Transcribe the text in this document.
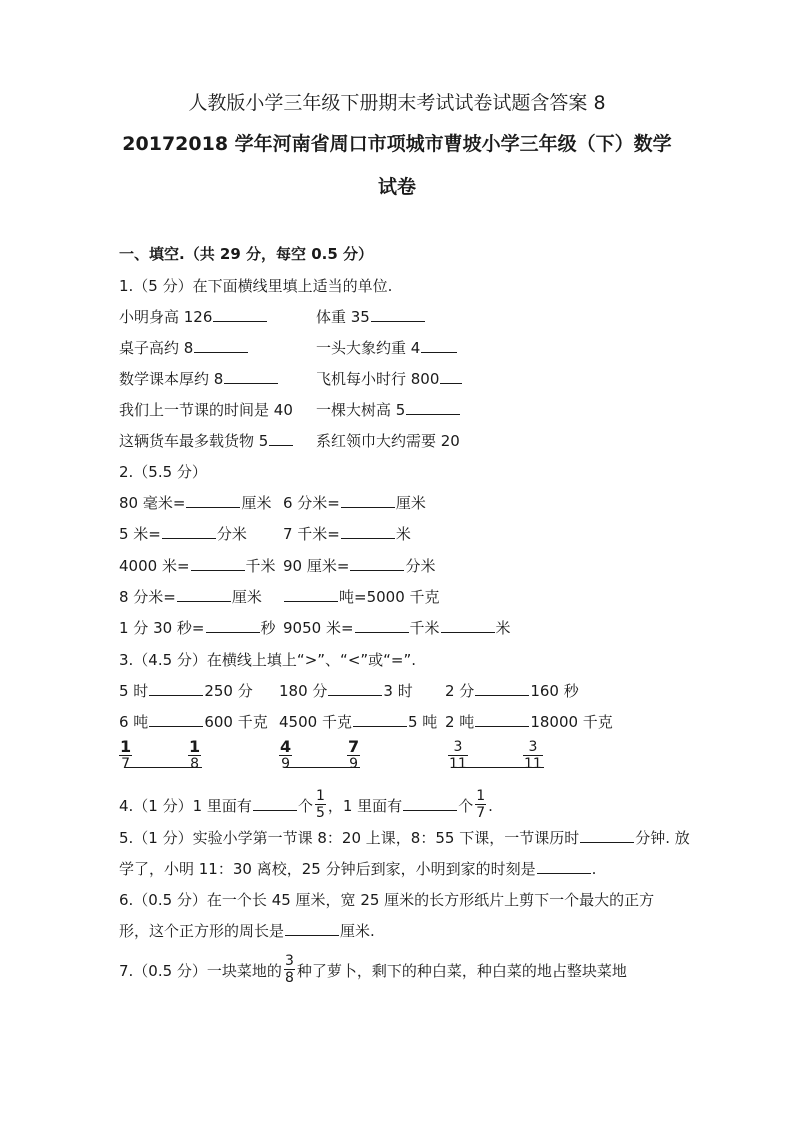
人教版小学三年级下册期末考试试卷试题含答案 8
20172018 学年河南省周口市项城市曹坡小学三年级（下）数学
试卷
一、填空.（共 29 分，每空 0.5 分）
1.（5 分）在下面横线里填上适当的单位.
小明身高 126	体重 35
桌子高约 8	一头大象约重 4
数学课本厚约 8	飞机每小时行 800
我们上一节课的时间是 40 一棵大树高 5
这辆货车最多载货物 5	系红领巾大约需要 20
2.（5.5 分）
80 毫米=	厘米 6 分米=	厘米
5 米=	分米 7 千米=	米
4000 米=	千米 90 厘米=	分米
8 分米=	厘米	吨=5000 千克
1 分 30 秒=	秒 9050 米=	千米	米
3.（4.5 分）在横线上填上“>”、“<”或“=”.
5 时	250 分 180 分	3 时 2 分	160 秒
6 吨	600 千克 4500 千克	5 吨 2 吨	18000 千克
$\frac{1}{7}$	$\frac{1}{8}$	$\frac{4}{9}$	$\frac{7}{9}$	$\frac{3}{11}$	$\frac{3}{11}$
4.（1 分）1 里面有	个 $\frac{1}{5}$ ，1 里面有	个 $\frac{1}{7}$ .
5.（1 分）实验小学第一节课 8：20 上课，8：55 下课，一节课历时	分钟. 放
学了，小明 11：30 离校，25 分钟后到家，小明到家的时刻是	.
6.（0.5 分）在一个长 45 厘米，宽 25 厘米的长方形纸片上剪下一个最大的正方
形，这个正方形的周长是	厘米.
7.（0.5 分）一块菜地的 $\frac{3}{8}$ 种了萝卜，剩下的种白菜，种白菜的地占整块菜地
